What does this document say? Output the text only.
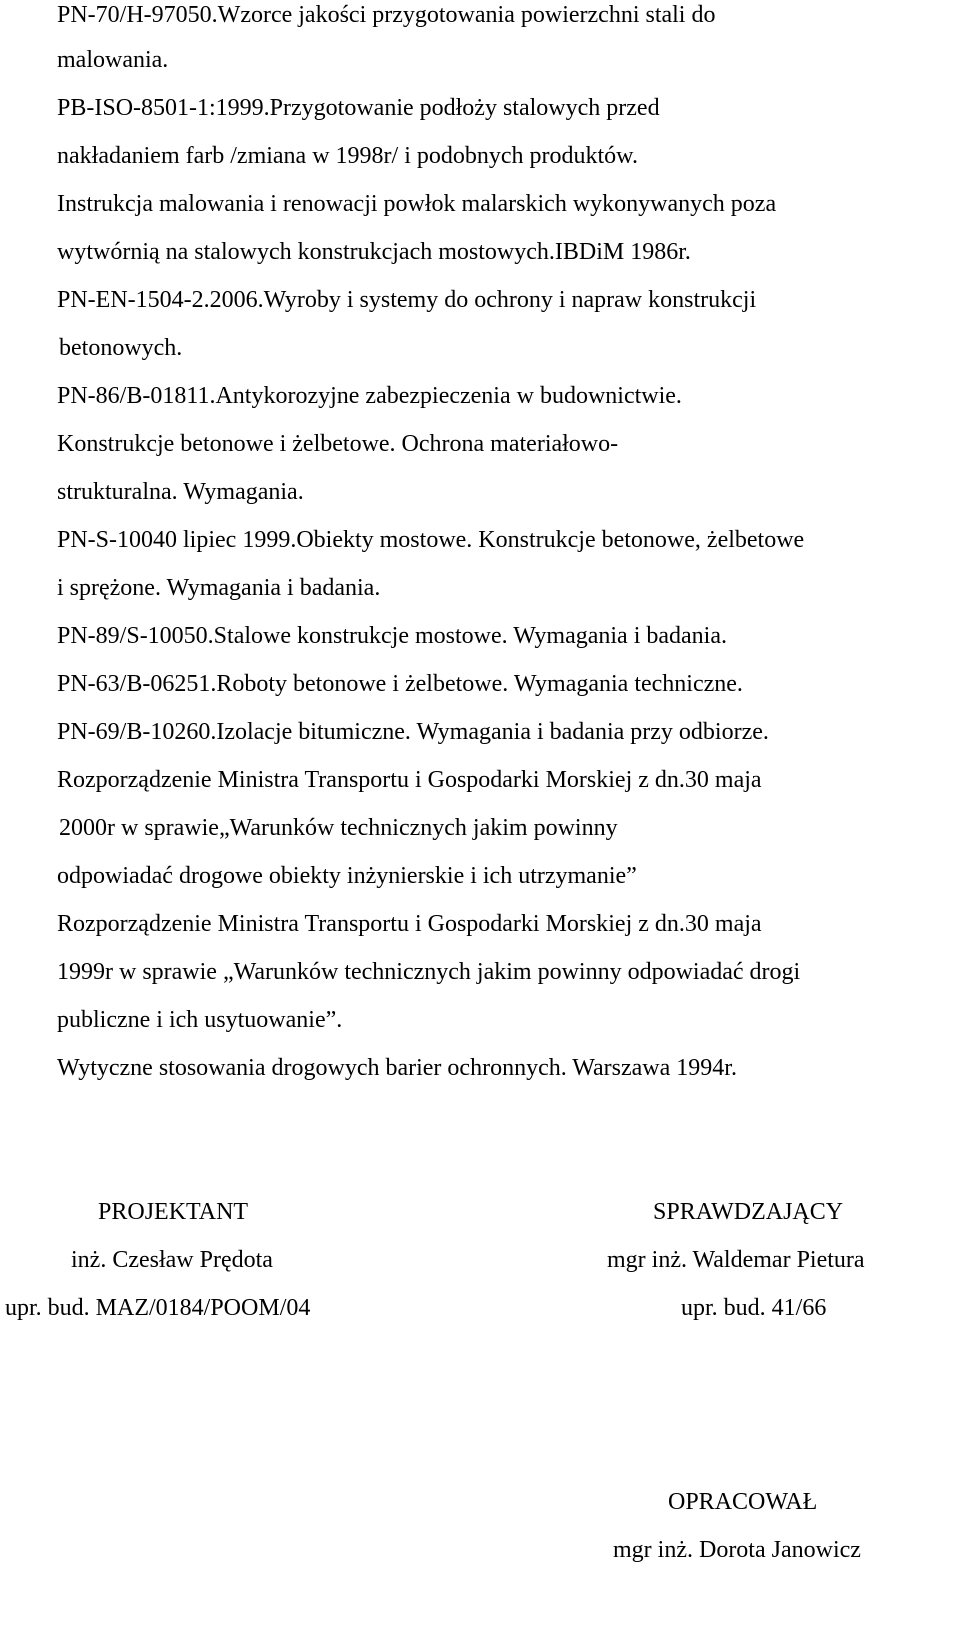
PN-70/H-97050.Wzorce jakości przygotowania powierzchni stali do
malowania.
PB-ISO-8501-1:1999.Przygotowanie podłoży stalowych przed
nakładaniem farb /zmiana w 1998r/ i podobnych produktów.
Instrukcja malowania i renowacji powłok malarskich wykonywanych poza
wytwórnią na stalowych konstrukcjach mostowych.IBDiM 1986r.
PN-EN-1504-2.2006.Wyroby i systemy do ochrony i napraw konstrukcji
betonowych.
PN-86/B-01811.Antykorozyjne zabezpieczenia w budownictwie.
Konstrukcje betonowe i żelbetowe. Ochrona materiałowo-
strukturalna. Wymagania.
PN-S-10040 lipiec 1999.Obiekty mostowe. Konstrukcje betonowe, żelbetowe
i sprężone. Wymagania i badania.
PN-89/S-10050.Stalowe konstrukcje mostowe. Wymagania i badania.
PN-63/B-06251.Roboty betonowe i żelbetowe. Wymagania techniczne.
PN-69/B-10260.Izolacje bitumiczne. Wymagania i badania przy odbiorze.
Rozporządzenie Ministra Transportu i Gospodarki Morskiej z dn.30 maja
2000r w sprawie„Warunków technicznych jakim powinny
odpowiadać drogowe obiekty inżynierskie i ich utrzymanie”
Rozporządzenie Ministra Transportu i Gospodarki Morskiej z dn.30 maja
1999r w sprawie „Warunków technicznych jakim powinny odpowiadać drogi
publiczne i ich usytuowanie”.
Wytyczne stosowania drogowych barier ochronnych. Warszawa 1994r.
PROJEKTANT
inż. Czesław Prędota
upr. bud. MAZ/0184/POOM/04
SPRAWDZAJĄCY
mgr inż. Waldemar Pietura
upr. bud. 41/66
OPRACOWAŁ
mgr inż. Dorota Janowicz
